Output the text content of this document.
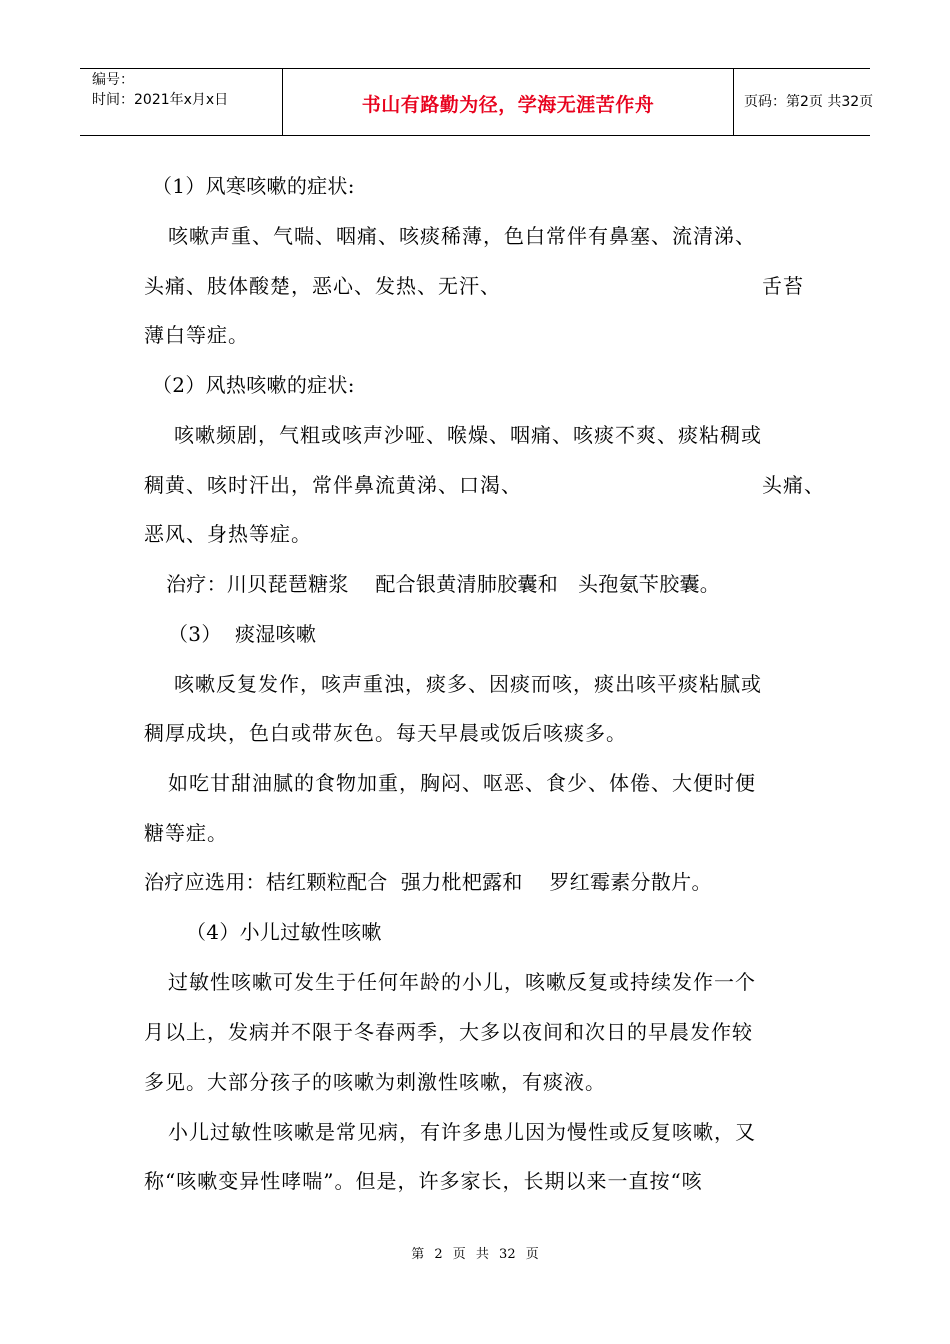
编号：
时间：2021年x月x日	书山有路勤为径，学海无涯苦作舟	页码：第2页 共32页
（1）风寒咳嗽的症状:
咳嗽声重、气喘、咽痛、咳痰稀薄，色白常伴有鼻塞、流清涕、
头痛、肢体酸楚，恶心、发热、无汗、	舌苔
薄白等症。
（2）风热咳嗽的症状:
咳嗽频剧，气粗或咳声沙哑、喉燥、咽痛、咳痰不爽、痰粘稠或
稠黄、咳时汗出，常伴鼻流黄涕、口渴、	头痛、
恶风、身热等症。
治疗：川贝琵琶糖浆    配合银黄清肺胶囊和   头孢氨苄胶囊。
（3）  痰湿咳嗽
咳嗽反复发作，咳声重浊，痰多、因痰而咳，痰出咳平痰粘腻或
稠厚成块，色白或带灰色。每天早晨或饭后咳痰多。
如吃甘甜油腻的食物加重，胸闷、呕恶、食少、体倦、大便时便
糖等症。
治疗应选用：桔红颗粒配合  强力枇杷露和    罗红霉素分散片。
（4）小儿过敏性咳嗽
过敏性咳嗽可发生于任何年龄的小儿，咳嗽反复或持续发作一个
月以上，发病并不限于冬春两季，大多以夜间和次日的早晨发作较
多见。大部分孩子的咳嗽为刺激性咳嗽，有痰液。
小儿过敏性咳嗽是常见病，有许多患儿因为慢性或反复咳嗽，又
称“咳嗽变异性哮喘”。但是，许多家长，长期以来一直按“咳
第 2 页 共 32 页
